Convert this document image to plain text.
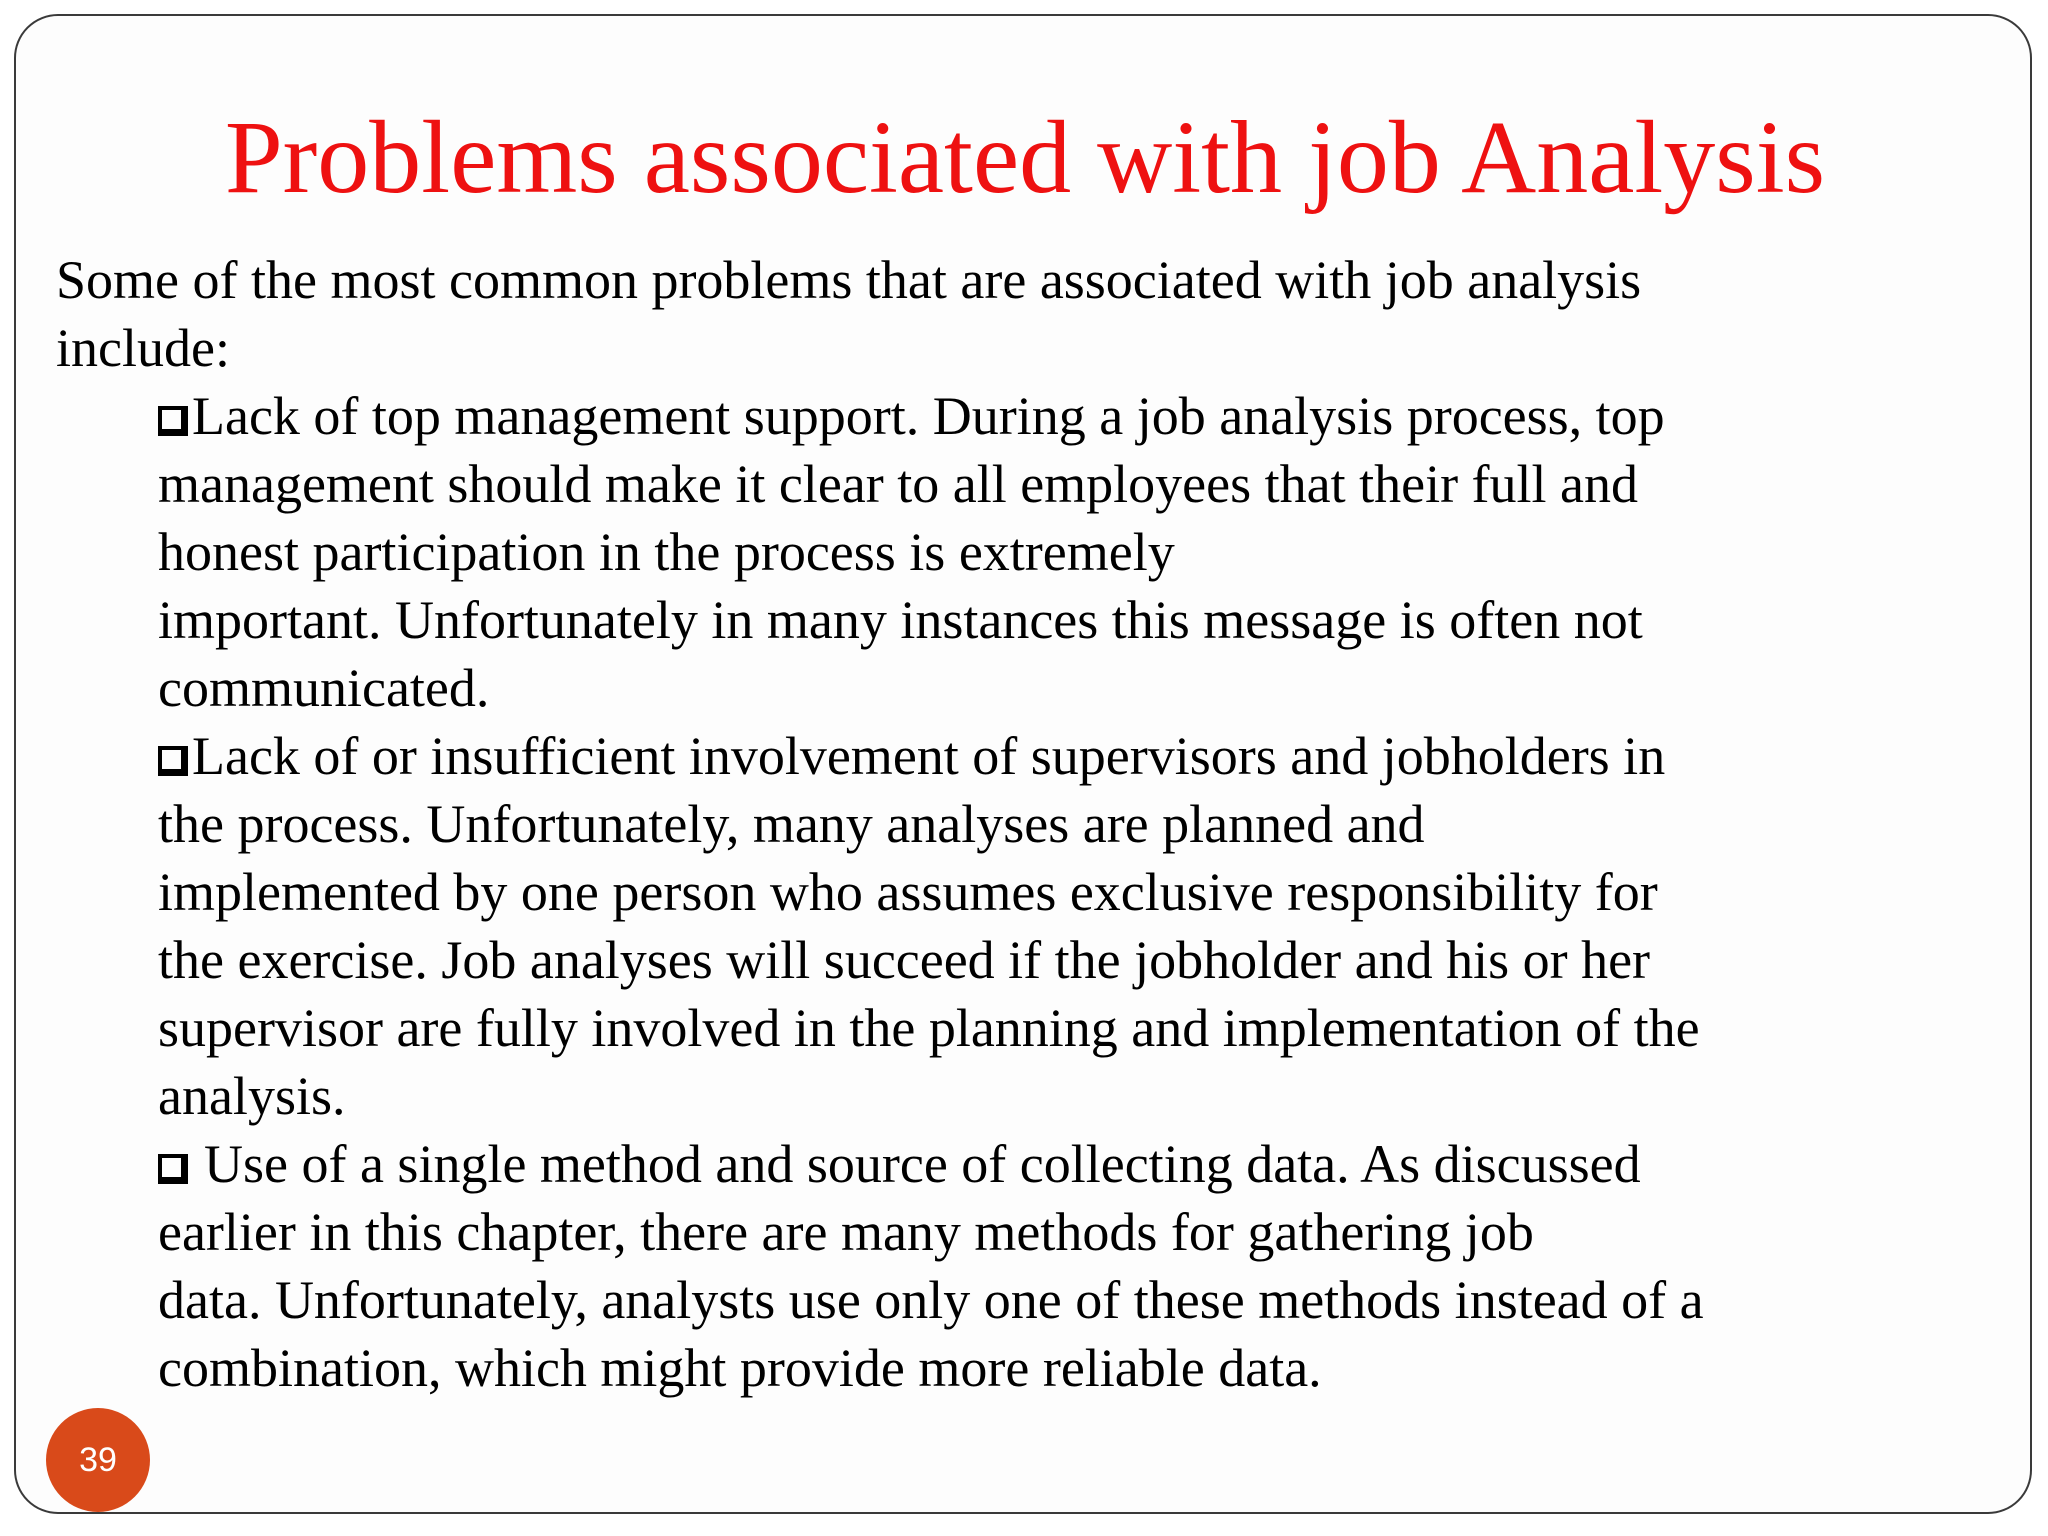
Problems associated with job Analysis

Some of the most common problems that are associated with job analysis
include:

Lack of top management support. During a job analysis process, top
management should make it clear to all employees that their full and
honest participation in the process is extremely
important. Unfortunately in many instances this message is often not
communicated.
Lack of or insufficient involvement of supervisors and jobholders in
the process. Unfortunately, many analyses are planned and
implemented by one person who assumes exclusive responsibility for
the exercise. Job analyses will succeed if the jobholder and his or her
supervisor are fully involved in the planning and implementation of the
analysis.
Use of a single method and source of collecting data. As discussed
earlier in this chapter, there are many methods for gathering job
data. Unfortunately, analysts use only one of these methods instead of a
combination, which might provide more reliable data.
39
